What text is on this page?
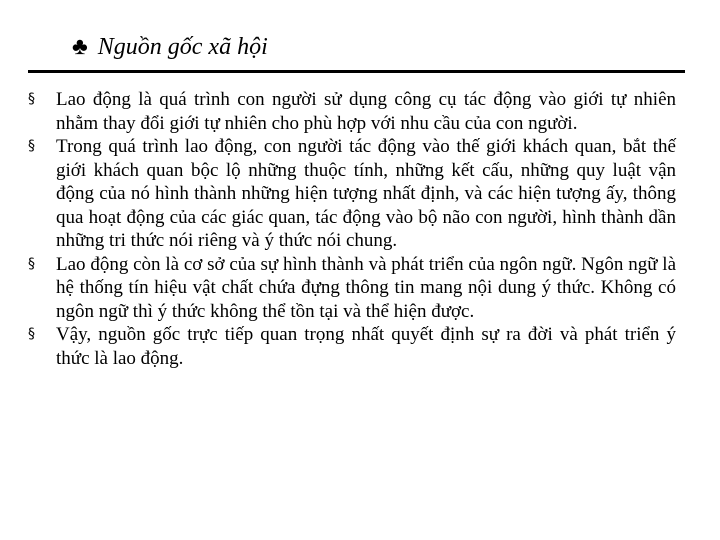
♣ Nguồn gốc xã hội
§ Lao động là quá trình con người sử dụng công cụ tác động vào giới tự nhiên nhằm thay đổi giới tự nhiên cho phù hợp với nhu cầu của con người.
§ Trong quá trình lao động, con người tác động vào thế giới khách quan, bắt thế giới khách quan bộc lộ những thuộc tính, những kết cấu, những quy luật vận động của nó hình thành những hiện tượng nhất định, và các hiện tượng ấy, thông qua hoạt động của các giác quan, tác động vào bộ não con người, hình thành dần những tri thức nói riêng và ý thức nói chung.
§ Lao động còn là cơ sở của sự hình thành và phát triển của ngôn ngữ. Ngôn ngữ là hệ thống tín hiệu vật chất chứa đựng thông tin mang nội dung ý thức. Không có ngôn ngữ thì ý thức không thể tồn tại và thể hiện được.
§ Vậy, nguồn gốc trực tiếp quan trọng nhất quyết định sự ra đời và phát triển ý thức là lao động.
